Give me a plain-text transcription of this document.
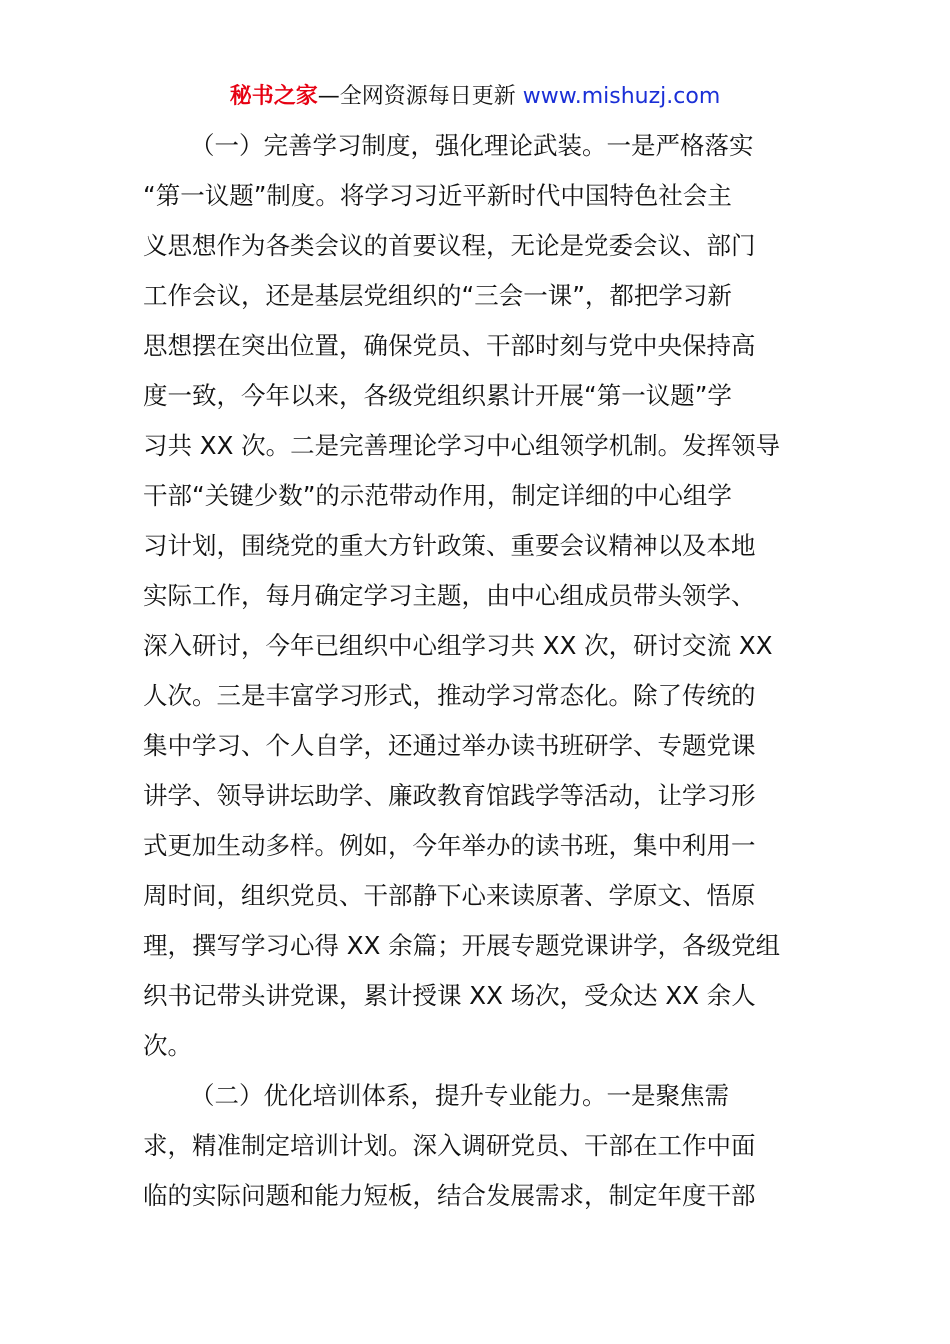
秘书之家—全网资源每日更新 www.mishuzj.com
（一）完善学习制度，强化理论武装。一是严格落实
“第一议题”制度。将学习习近平新时代中国特色社会主
义思想作为各类会议的首要议程，无论是党委会议、部门
工作会议，还是基层党组织的“三会一课”，都把学习新
思想摆在突出位置，确保党员、干部时刻与党中央保持高
度一致，今年以来，各级党组织累计开展“第一议题”学
习共 XX 次。二是完善理论学习中心组领学机制。发挥领导
干部“关键少数”的示范带动作用，制定详细的中心组学
习计划，围绕党的重大方针政策、重要会议精神以及本地
实际工作，每月确定学习主题，由中心组成员带头领学、
深入研讨，今年已组织中心组学习共 XX 次，研讨交流 XX
人次。三是丰富学习形式，推动学习常态化。除了传统的
集中学习、个人自学，还通过举办读书班研学、专题党课
讲学、领导讲坛助学、廉政教育馆践学等活动，让学习形
式更加生动多样。例如，今年举办的读书班，集中利用一
周时间，组织党员、干部静下心来读原著、学原文、悟原
理，撰写学习心得 XX 余篇；开展专题党课讲学，各级党组
织书记带头讲党课，累计授课 XX 场次，受众达 XX 余人
次。
（二）优化培训体系，提升专业能力。一是聚焦需
求，精准制定培训计划。深入调研党员、干部在工作中面
临的实际问题和能力短板，结合发展需求，制定年度干部
